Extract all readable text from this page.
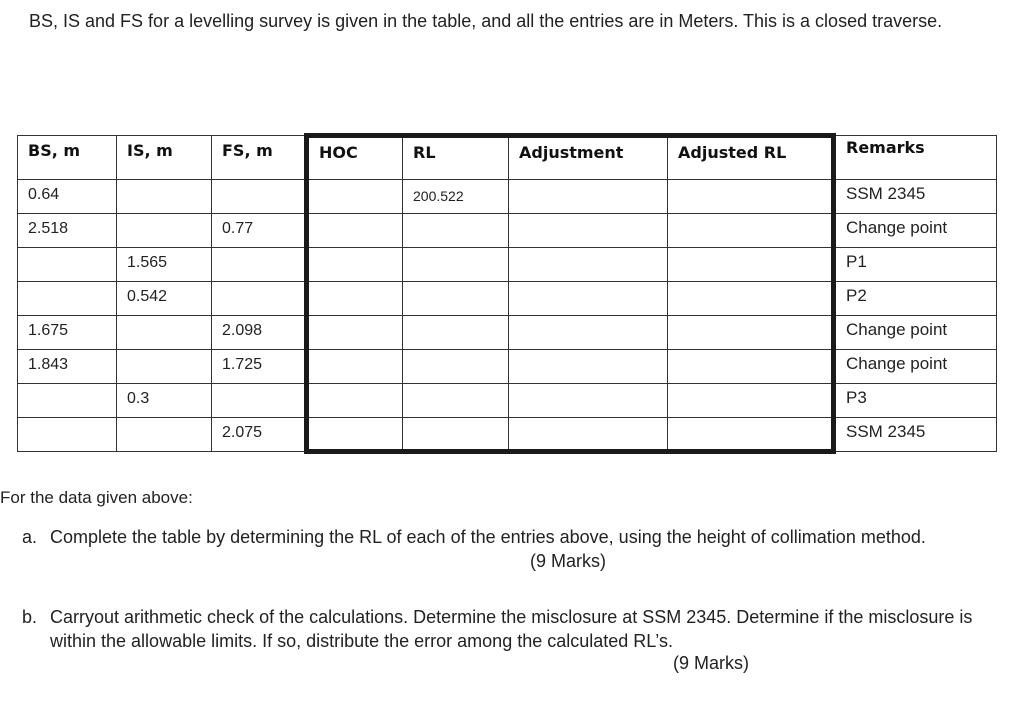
BS, IS and FS for a levelling survey is given in the table, and all the entries are in Meters. This is a closed traverse.

BS, m	IS, m	FS, m	HOC	RL	Adjustment	Adjusted RL	Remarks
0.64				200.522			SSM 2345
2.518		0.77					Change point
	1.565						P1
	0.542						P2
1.675		2.098					Change point
1.843		1.725					Change point
	0.3						P3
		2.075					SSM 2345

For the data given above:

a. Complete the table by determining the RL of each of the entries above, using the height of collimation method.
(9 Marks)
b. Carryout arithmetic check of the calculations. Determine the misclosure at SSM 2345. Determine if the misclosure is within the allowable limits. If so, distribute the error among the calculated RL’s.
(9 Marks)
